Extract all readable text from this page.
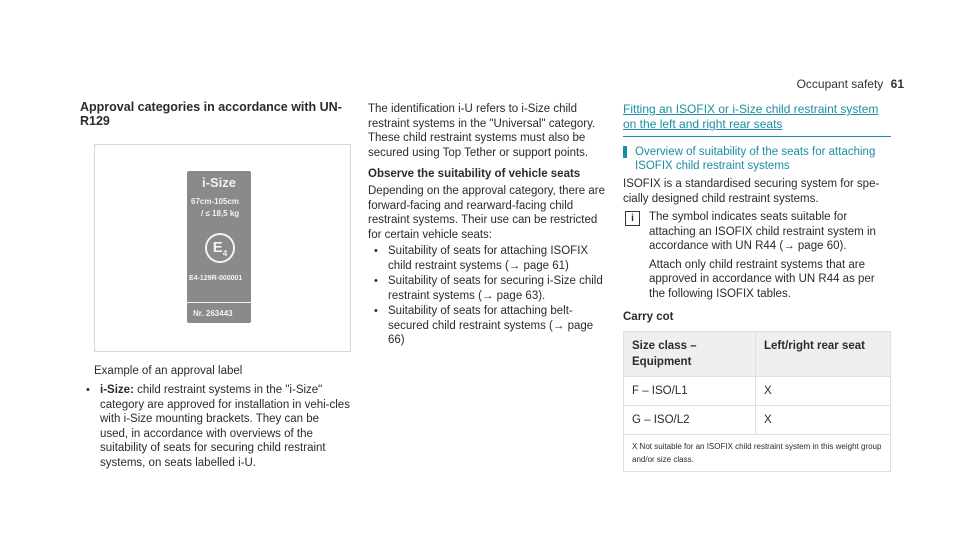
Occupant safety 61
Approval categories in accordance with UN-R129
i-Size
67cm-105cm
/ ≤ 18,5 kg
$E_4$
E4-129R-000001
Nr. 263443
Example of an approval label
• i-Size: child restraint systems in the "i-Size" category are approved for installation in vehi-cles with i-Size mounting brackets. They can be used, in accordance with overviews of the suitability of seats for securing child restraint systems, on seats labelled i-U.

The identification i-U refers to i-Size child restraint systems in the "Universal" category. These child restraint systems must also be secured using Top Tether or support points.

Observe the suitability of vehicle seats

Depending on the approval category, there are forward-facing and rearward-facing child restraint systems. Their use can be restricted for certain vehicle seats:

• Suitability of seats for attaching ISOFIX child restraint systems (→ page 61)
• Suitability of seats for securing i-Size child restraint systems (→ page 63).
• Suitability of seats for attaching belt-secured child restraint systems (→ page 66)
Fitting an ISOFIX or i-Size child restraint system on the left and right rear seats
Overview of suitability of the seats for attaching ISOFIX child restraint systems

ISOFIX is a standardised securing system for spe-cially designed child restraint systems.

i	The symbol indicates seats suitable for attaching an ISOFIX child restraint system in accordance with UN R44 (→ page 60).
Attach only child restraint systems that are approved in accordance with UN R44 as per the following ISOFIX tables.
Carry cot
Size class – Equipment	Left/right rear seat
F – ISO/L1	X
G – ISO/L2	X
X Not suitable for an ISOFIX child restraint system in this weight group and/or size class.	
